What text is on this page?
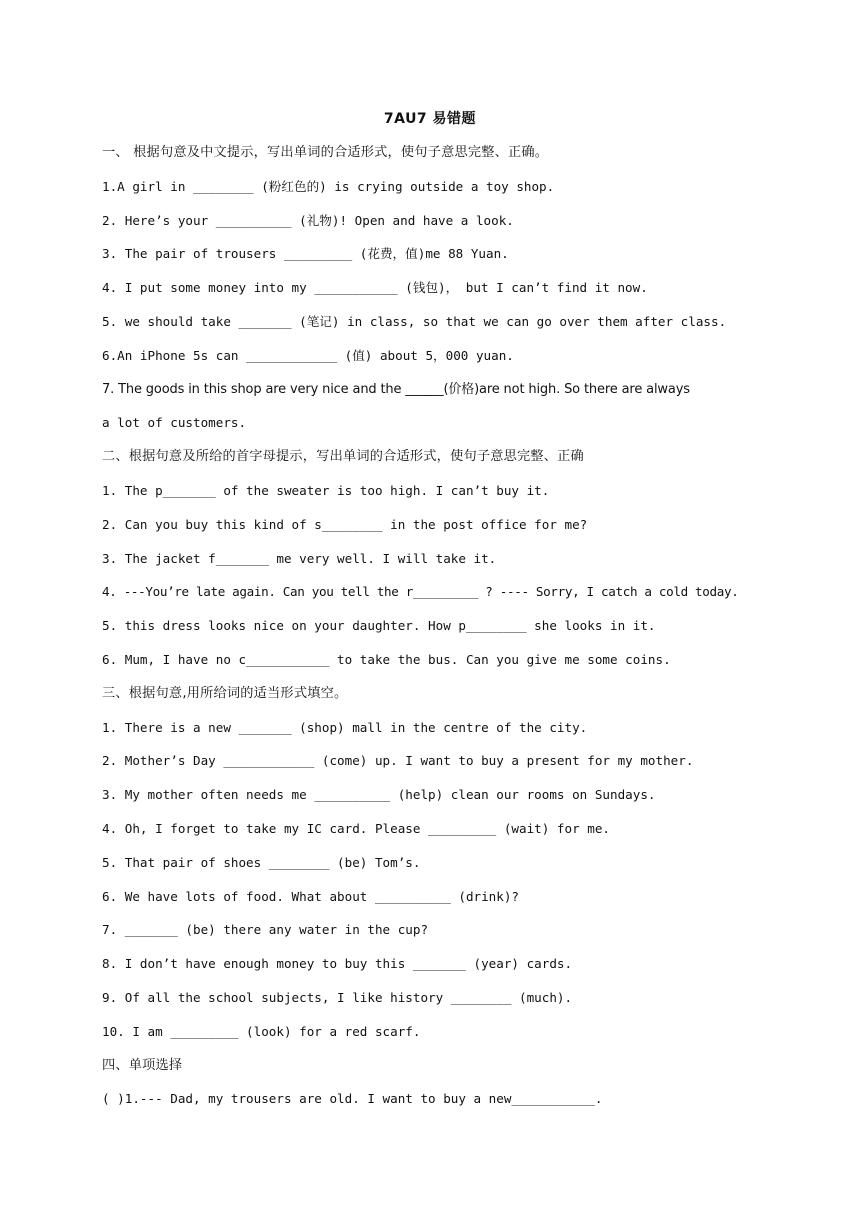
7AU7 易错题
一、 根据句意及中文提示，写出单词的合适形式，使句子意思完整、正确。
1.A girl in ________ (粉红色的) is crying outside a toy shop.
2. Here’s your __________ (礼物)! Open and have a look.
3. The pair of trousers _________ (花费，值)me 88 Yuan.
4. I put some money into my ___________ (钱包)， but I can’t find it now.
5. we should take _______ (笔记) in class, so that we can go over them after class.
6.An iPhone 5s can ____________ (值) about 5，000 yuan.
7. The goods in this shop are very nice and the ______(价格)are not high. So there are always
a lot of customers.
二、根据句意及所给的首字母提示，写出单词的合适形式，使句子意思完整、正确
1. The p_______ of the sweater is too high. I can’t buy it.
2. Can you buy this kind of s________ in the post office for me?
3. The jacket f_______ me very well. I will take it.
4. ---You’re late again. Can you tell the r_________ ? ---- Sorry, I catch a cold today.
5. this dress looks nice on your daughter. How p________ she looks in it.
6. Mum, I have no c___________ to take the bus. Can you give me some coins.
三、根据句意,用所给词的适当形式填空。
1. There is a new _______ (shop) mall in the centre of the city.
2. Mother’s Day ____________ (come) up. I want to buy a present for my mother.
3. My mother often needs me __________ (help) clean our rooms on Sundays.
4. Oh, I forget to take my IC card. Please _________ (wait) for me.
5. That pair of shoes ________ (be) Tom’s.
6. We have lots of food. What about __________ (drink)?
7. _______ (be) there any water in the cup?
8. I don’t have enough money to buy this _______ (year) cards.
9. Of all the school subjects, I like history ________ (much).
10. I am _________ (look) for a red scarf.
四、单项选择
( )1.--- Dad, my trousers are old. I want to buy a new___________.
